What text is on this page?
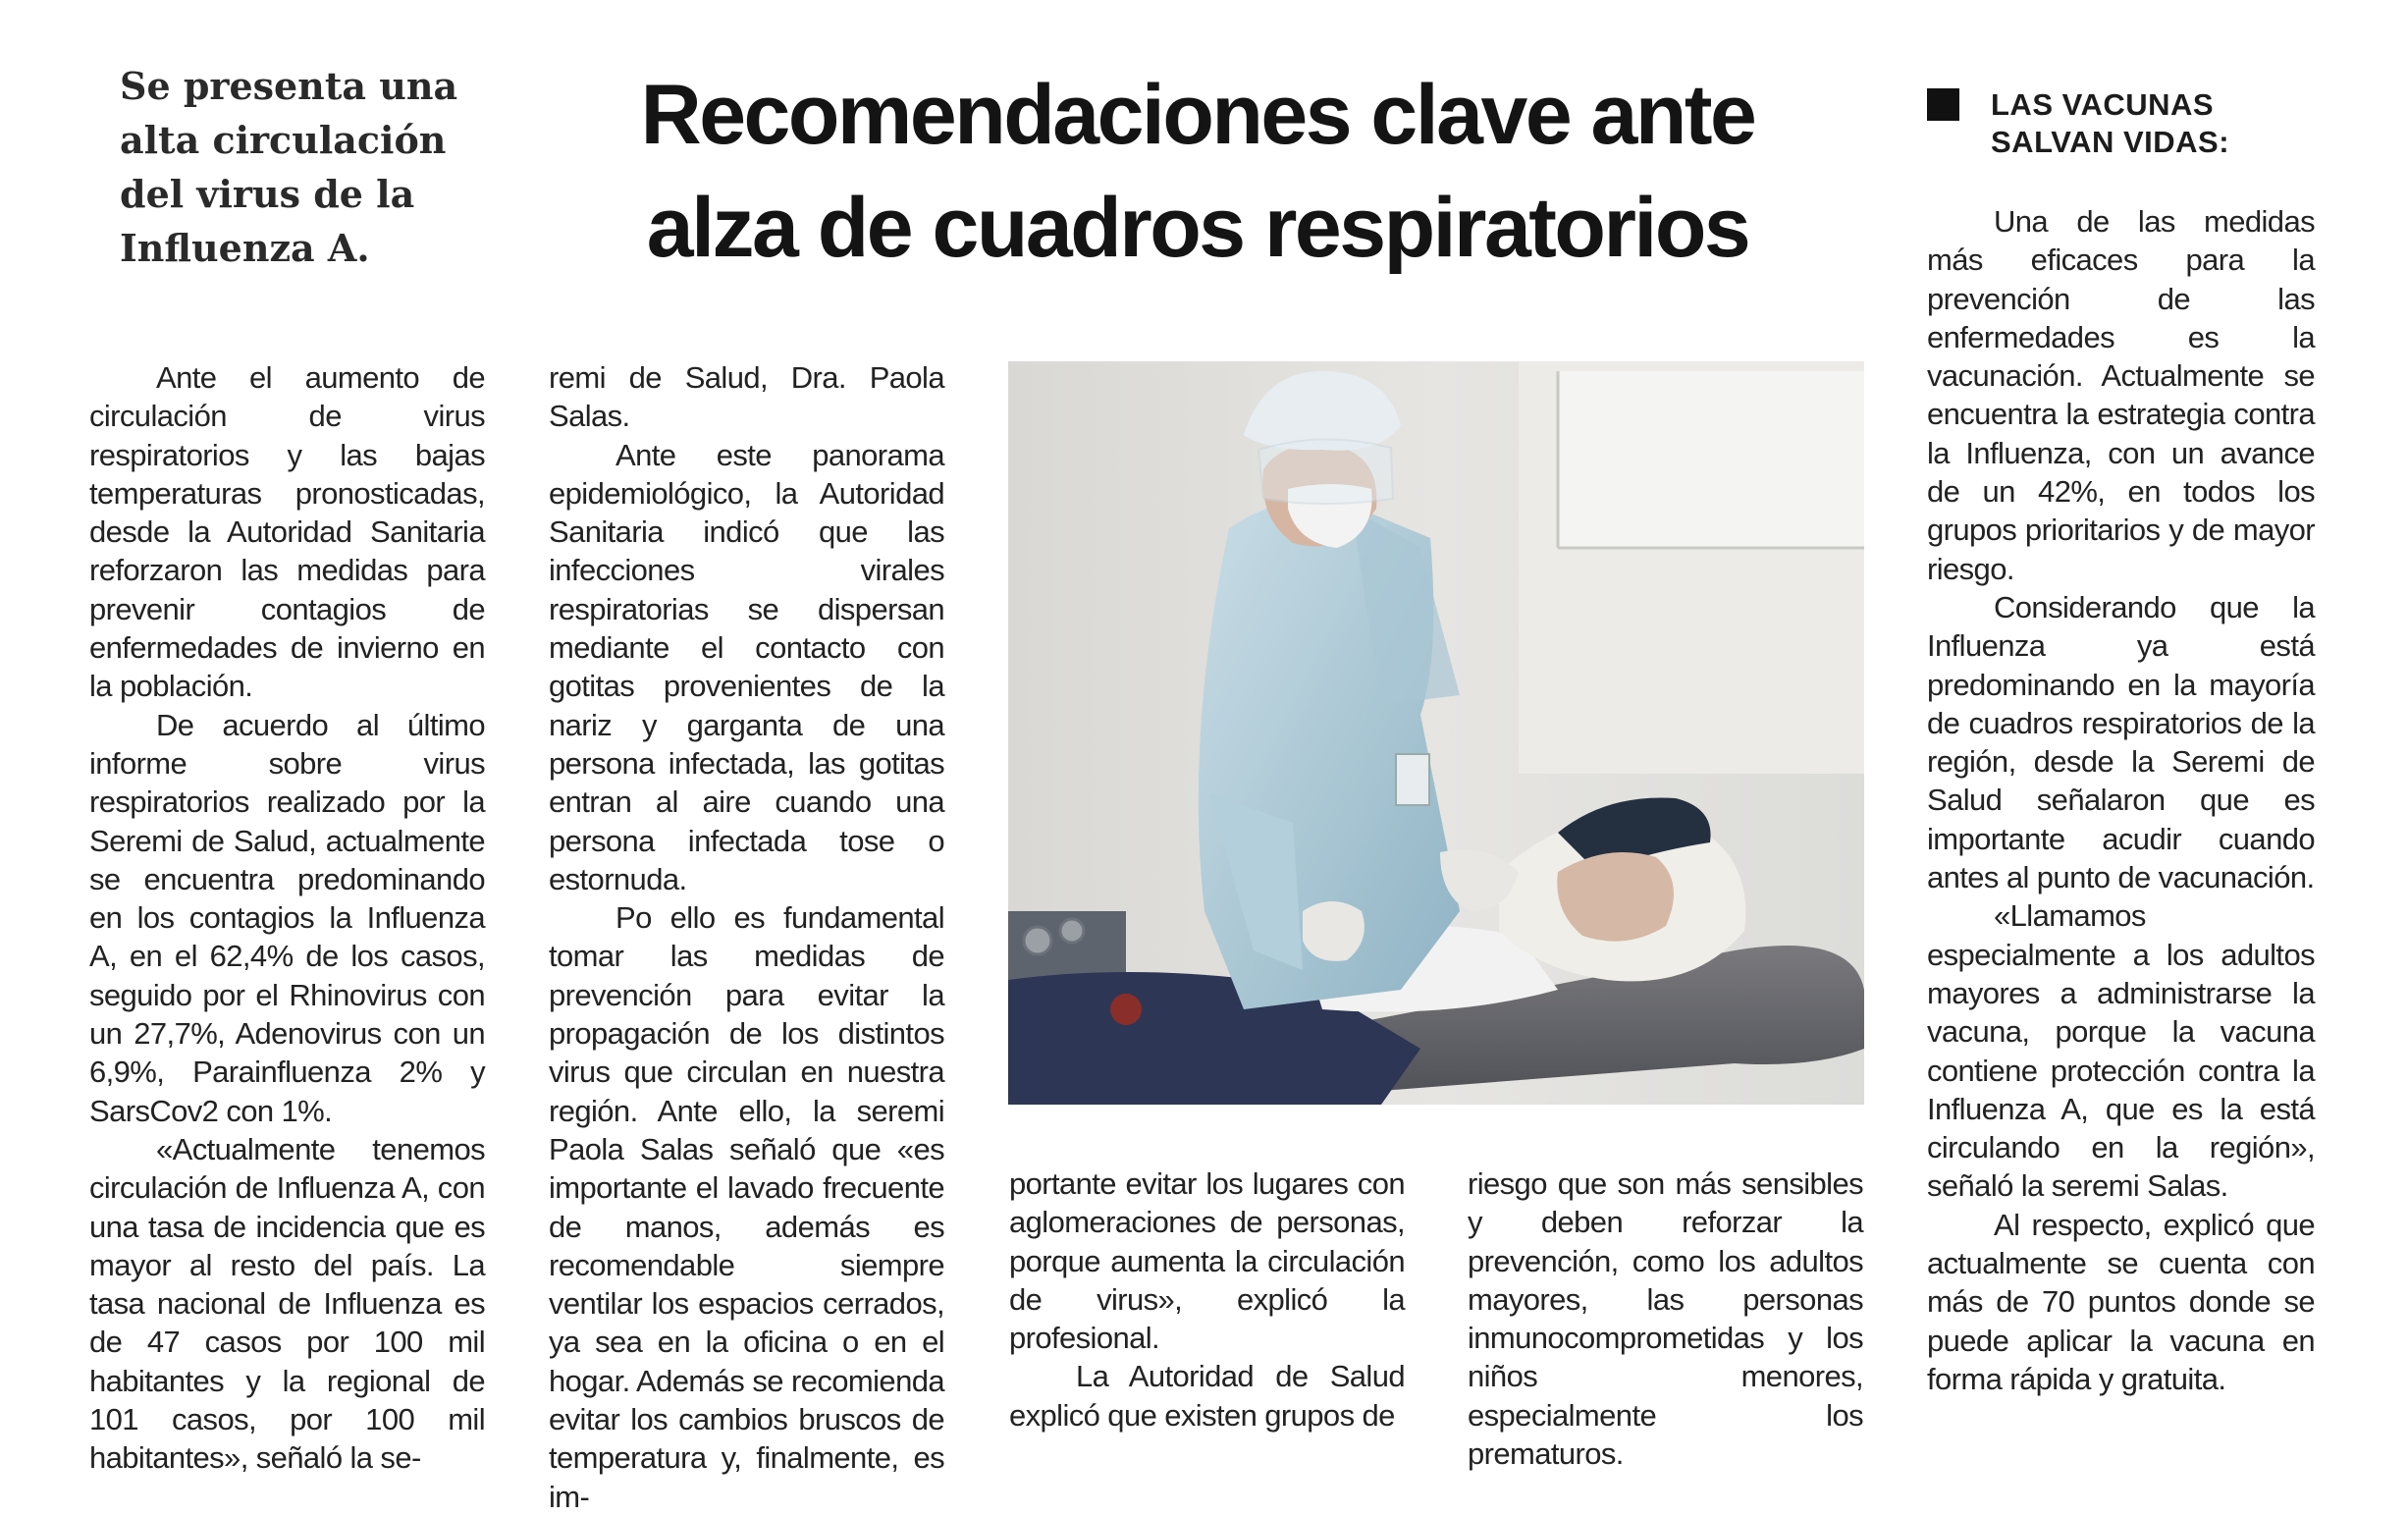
Se presenta una
alta circulación
del virus de la
Influenza A.
Recomendaciones clave ante
alza de cuadros respiratorios
LAS VACUNAS
SALVAN VIDAS:

Ante el aumento de circulación de virus respiratorios y las bajas temperaturas pronosticadas, desde la Autoridad Sanitaria reforzaron las medidas para prevenir contagios de enfermedades de invierno en la población.

De acuerdo al último informe sobre virus respiratorios realizado por la Seremi de Salud, actualmente se encuentra predominando en los contagios la Influenza A, en el 62,4% de los casos, seguido por el Rhinovirus con un 27,7%, Adenovirus con un 6,9%, Parainfluenza 2% y SarsCov2 con 1%.

«Actualmente tenemos circulación de Influenza A, con una tasa de incidencia que es mayor al resto del país. La tasa nacional de Influenza es de 47 casos por 100 mil habitantes y la regional de 101 casos, por 100 mil habitantes», señaló la se-

remi de Salud, Dra. Paola Salas.

Ante este panorama epidemiológico, la Autoridad Sanitaria indicó que las infecciones virales respiratorias se dispersan mediante el contacto con gotitas provenientes de la nariz y garganta de una persona infectada, las gotitas entran al aire cuando una persona infectada tose o estornuda.

Po ello es fundamental tomar las medidas de prevención para evitar la propagación de los distintos virus que circulan en nuestra región. Ante ello, la seremi Paola Salas señaló que «es importante el lavado frecuente de manos, además es recomendable siempre ventilar los espacios cerrados, ya sea en la oficina o en el hogar. Además se recomienda evitar los cambios bruscos de temperatura y, finalmente, es im-

portante evitar los lugares con aglomeraciones de personas, porque aumenta la circulación de virus», explicó la profesional.

La Autoridad de Salud explicó que existen grupos de

riesgo que son más sensibles y deben reforzar la prevención, como los adultos mayores, las personas inmunocomprometidas y los niños menores, especialmente los prematuros.

Una de las medidas más eficaces para la prevención de las enfermedades es la vacunación. Actualmente se encuentra la estrategia contra la Influenza, con un avance de un 42%, en todos los grupos prioritarios y de mayor riesgo.

Considerando que la Influenza ya está predominando en la mayoría de cuadros respiratorios de la región, desde la Seremi de Salud señalaron que es importante acudir cuando antes al punto de vacunación.

«Llamamos especialmente a los adultos mayores a administrarse la vacuna, porque la vacuna contiene protección contra la Influenza A, que es la está circulando en la región», señaló la seremi Salas.

Al respecto, explicó que actualmente se cuenta con más de 70 puntos donde se puede aplicar la vacuna en forma rápida y gratuita.
